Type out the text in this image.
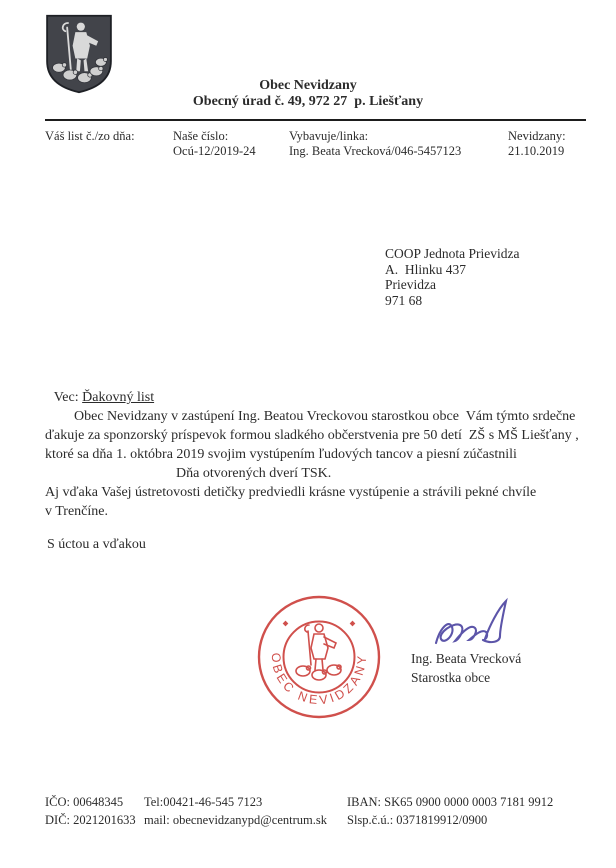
Obec Nevidzany
Obecný úrad č. 49, 972 27  p. Liešťany
Váš list č./zo dňa:	Naše číslo:
Ocú-12/2019-24
Vybavuje/linka:
Ing. Beata Vrecková/046-5457123
Nevidzany:
21.10.2019
COOP Jednota Prievidza
A.  Hlinku 437
Prievidza
971 68

Vec: Ďakovný list

Obec Nevidzany v zastúpení Ing. Beatou Vreckovou starostkou obce  Vám týmto srdečne
ďakuje za sponzorský príspevok formou sladkého občerstvenia pre 50 detí  ZŠ s MŠ Liešťany ,
ktoré sa dňa 1. októbra 2019 svojim vystúpením ľudových tancov a piesní zúčastnili
Dňa otvorených dverí TSK.
Aj vďaka Vašej ústretovosti detičky predviedli krásne vystúpenie a strávili pekné chvíle
v Trenčíne.
S úctou a vďakou
OBEC NEVIDZANY	Ing. Beata Vrecková
Starostka obce
IČO: 00648345
DIČ: 2021201633
Tel:00421-46-545 7123
mail: obecnevidzanypd@centrum.sk
IBAN: SK65 0900 0000 0003 7181 9912
Slsp.č.ú.: 0371819912/0900
